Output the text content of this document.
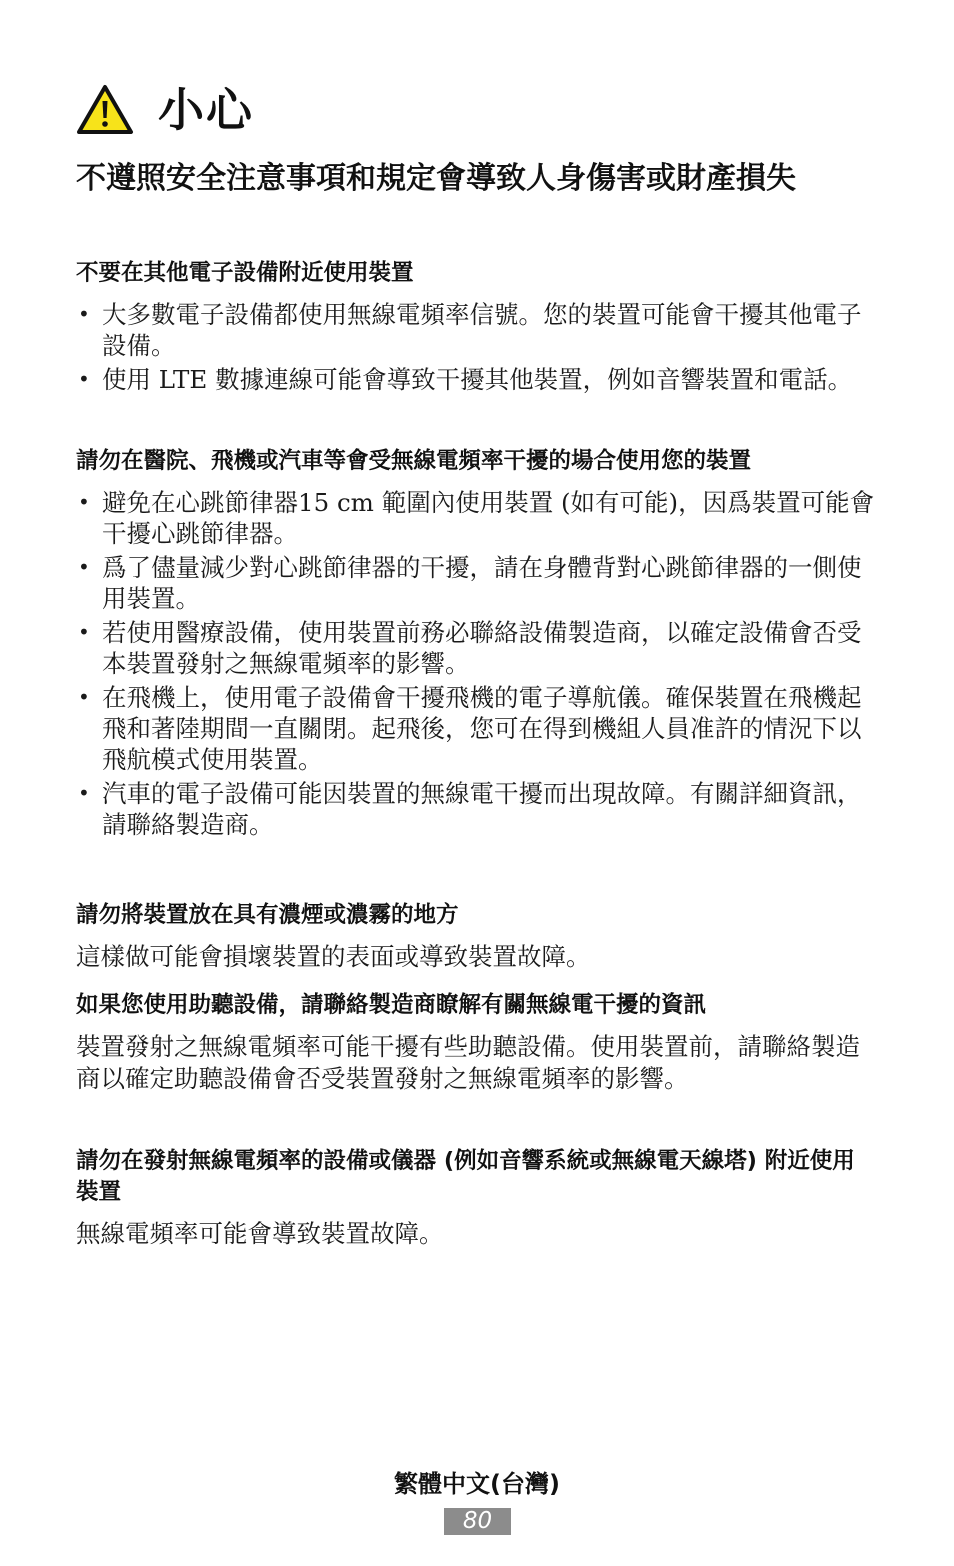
小心
不遵照安全注意事項和規定會導致人身傷害或財產損失
不要在其他電子設備附近使用裝置
• 大多數電子設備都使用無線電頻率信號。您的裝置可能會干擾其他電子設備。
• 使用 LTE 數據連線可能會導致干擾其他裝置，例如音響裝置和電話。
請勿在醫院、飛機或汽車等會受無線電頻率干擾的場合使用您的裝置
• 避免在心跳節律器15 cm 範圍內使用裝置 (如有可能)，因爲裝置可能會干擾心跳節律器。
• 爲了儘量減少對心跳節律器的干擾，請在身體背對心跳節律器的一側使用裝置。
• 若使用醫療設備，使用裝置前務必聯絡設備製造商，以確定設備會否受本裝置發射之無線電頻率的影響。
• 在飛機上，使用電子設備會干擾飛機的電子導航儀。確保裝置在飛機起飛和著陸期間一直關閉。起飛後，您可在得到機組人員准許的情況下以飛航模式使用裝置。
• 汽車的電子設備可能因裝置的無線電干擾而出現故障。有關詳細資訊，請聯絡製造商。
請勿將裝置放在具有濃煙或濃霧的地方

這樣做可能會損壞裝置的表面或導致裝置故障。

如果您使用助聽設備，請聯絡製造商瞭解有關無線電干擾的資訊

裝置發射之無線電頻率可能干擾有些助聽設備。使用裝置前，請聯絡製造商以確定助聽設備會否受裝置發射之無線電頻率的影響。

請勿在發射無線電頻率的設備或儀器 (例如音響系統或無線電天線塔) 附近使用裝置

無線電頻率可能會導致裝置故障。

繁體中文(台灣)
80
